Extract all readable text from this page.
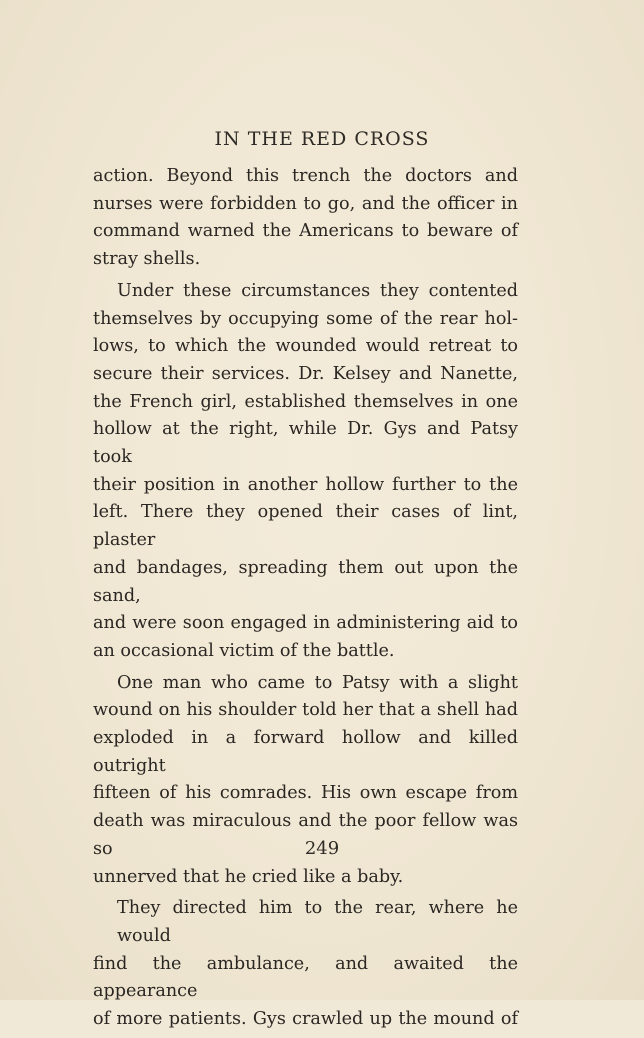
IN THE RED CROSS
action. Beyond this trench the doctors and
nurses were forbidden to go, and the officer in
command warned the Americans to beware of
stray shells.
Under these circumstances they contented
themselves by occupying some of the rear hol-
lows, to which the wounded would retreat to
secure their services. Dr. Kelsey and Nanette,
the French girl, established themselves in one
hollow at the right, while Dr. Gys and Patsy took
their position in another hollow further to the
left. There they opened their cases of lint, plaster
and bandages, spreading them out upon the sand,
and were soon engaged in administering aid to
an occasional victim of the battle.
One man who came to Patsy with a slight
wound on his shoulder told her that a shell had
exploded in a forward hollow and killed outright
fifteen of his comrades. His own escape from
death was miraculous and the poor fellow was so
unnerved that he cried like a baby.
They directed him to the rear, where he would
find the ambulance, and awaited the appearance
of more patients. Gys crawled up the mound of
249
